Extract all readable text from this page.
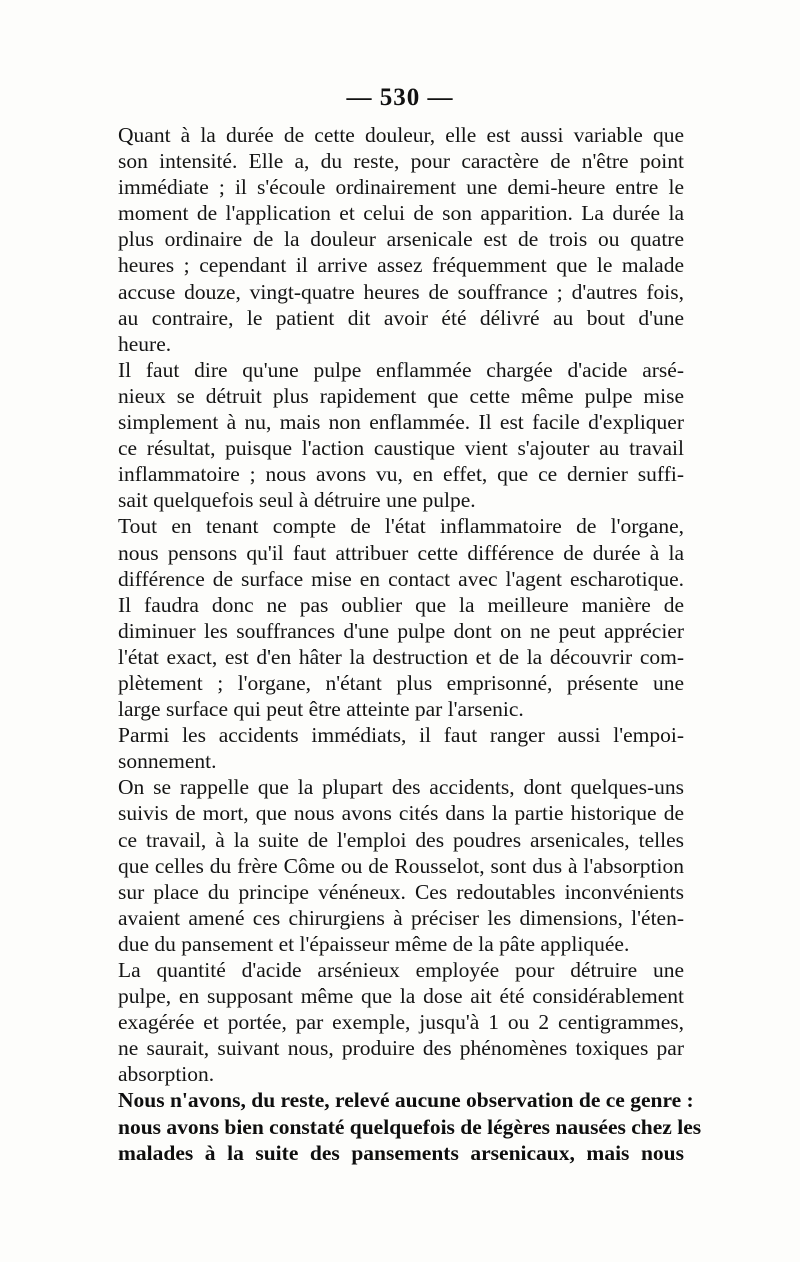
— 530 —
Quant à la durée de cette douleur, elle est aussi variable que
son intensité. Elle a, du reste, pour caractère de n'être point
immédiate ; il s'écoule ordinairement une demi-heure entre le
moment de l'application et celui de son apparition. La durée la
plus ordinaire de la douleur arsenicale est de trois ou quatre
heures ; cependant il arrive assez fréquemment que le malade
accuse douze, vingt-quatre heures de souffrance ; d'autres fois,
au contraire, le patient dit avoir été délivré au bout d'une
heure.
Il faut dire qu'une pulpe enflammée chargée d'acide arsé-
nieux se détruit plus rapidement que cette même pulpe mise
simplement à nu, mais non enflammée. Il est facile d'expliquer
ce résultat, puisque l'action caustique vient s'ajouter au travail
inflammatoire ; nous avons vu, en effet, que ce dernier suffi-
sait quelquefois seul à détruire une pulpe.
Tout en tenant compte de l'état inflammatoire de l'organe,
nous pensons qu'il faut attribuer cette différence de durée à la
différence de surface mise en contact avec l'agent escharotique.
Il faudra donc ne pas oublier que la meilleure manière de
diminuer les souffrances d'une pulpe dont on ne peut apprécier
l'état exact, est d'en hâter la destruction et de la découvrir com-
plètement ; l'organe, n'étant plus emprisonné, présente une
large surface qui peut être atteinte par l'arsenic.
Parmi les accidents immédiats, il faut ranger aussi l'empoi-
sonnement.
On se rappelle que la plupart des accidents, dont quelques-uns
suivis de mort, que nous avons cités dans la partie historique de
ce travail, à la suite de l'emploi des poudres arsenicales, telles
que celles du frère Côme ou de Rousselot, sont dus à l'absorption
sur place du principe vénéneux. Ces redoutables inconvénients
avaient amené ces chirurgiens à préciser les dimensions, l'éten-
due du pansement et l'épaisseur même de la pâte appliquée.
La quantité d'acide arsénieux employée pour détruire une
pulpe, en supposant même que la dose ait été considérablement
exagérée et portée, par exemple, jusqu'à 1 ou 2 centigrammes,
ne saurait, suivant nous, produire des phénomènes toxiques par
absorption.
Nous n'avons, du reste, relevé aucune observation de ce genre :
nous avons bien constaté quelquefois de légères nausées chez les
malades à la suite des pansements arsenicaux, mais nous
